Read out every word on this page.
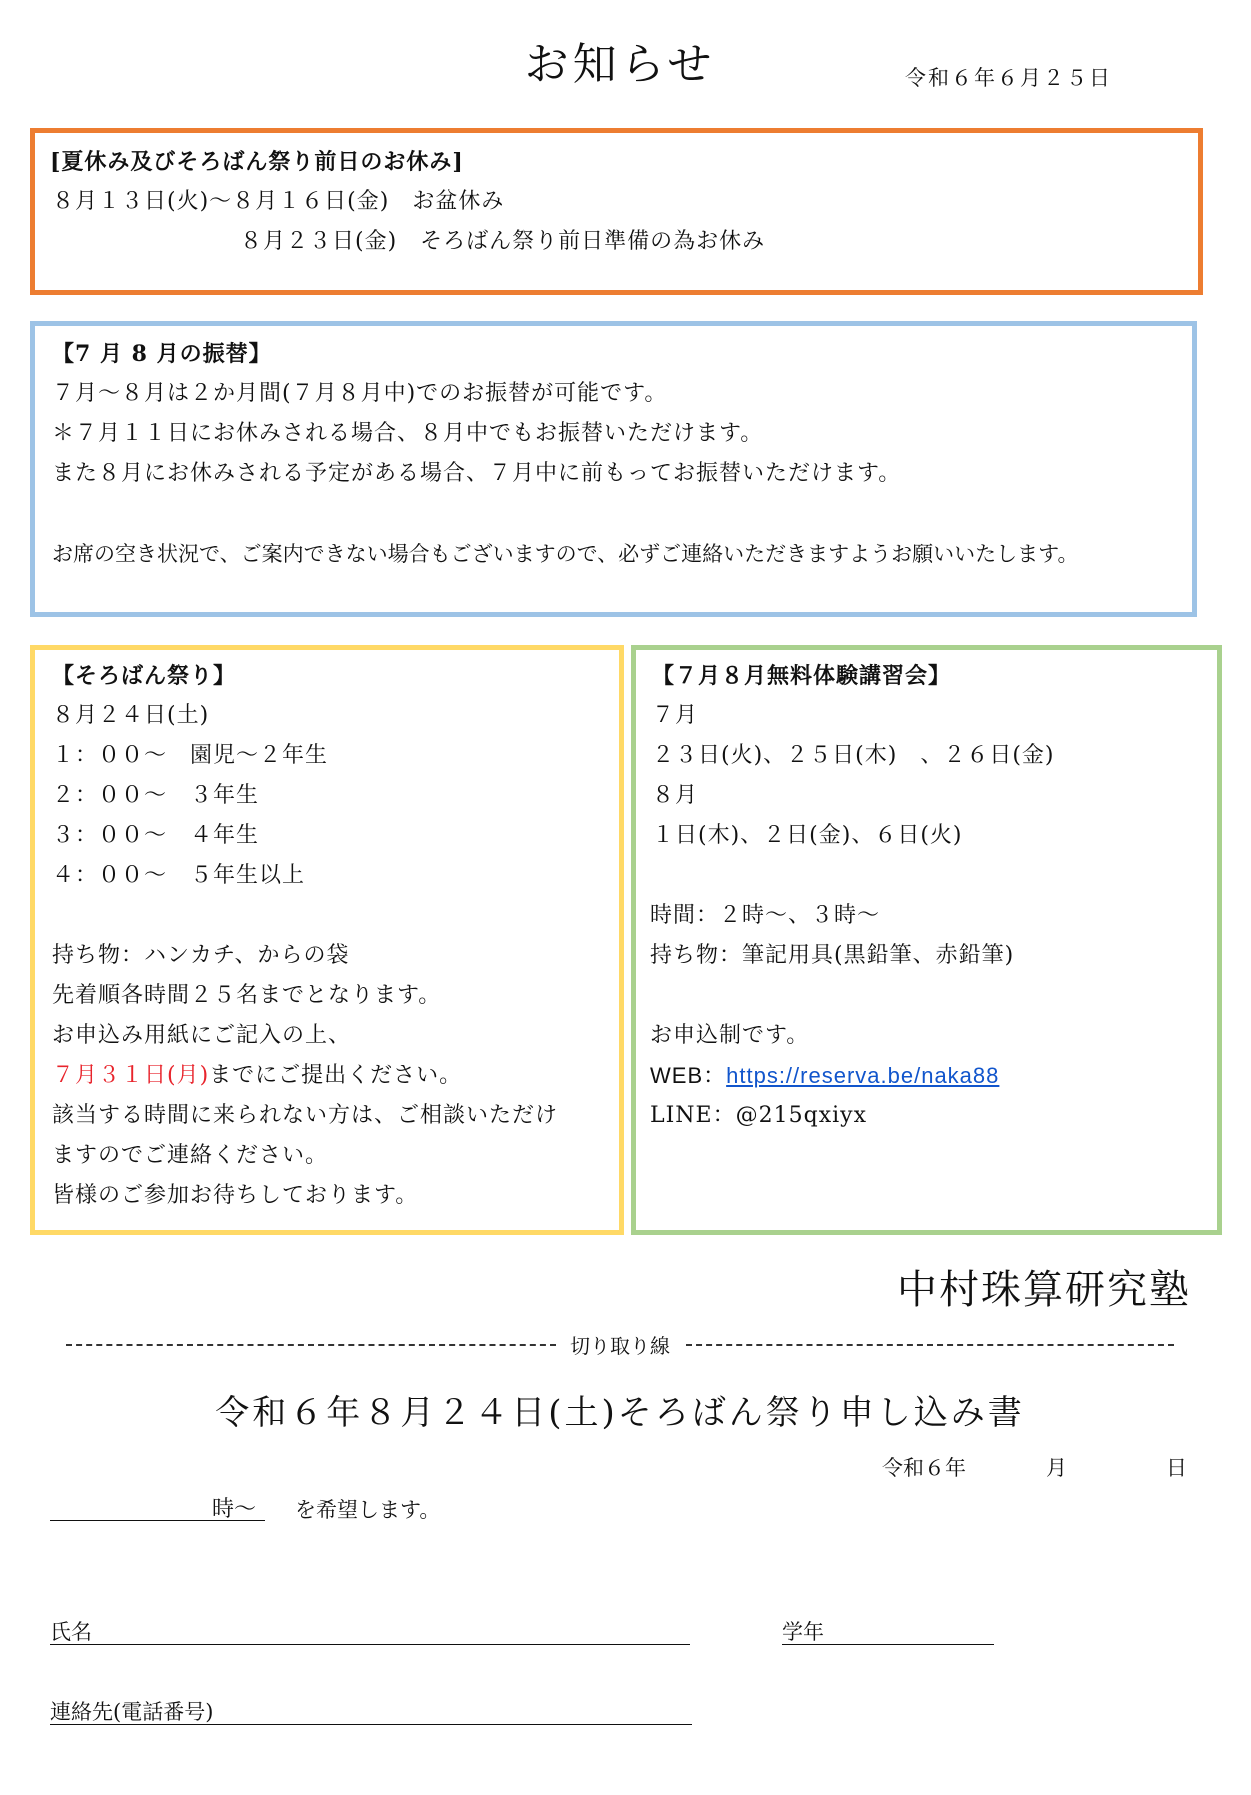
お知らせ	令和６年６月２５日
[夏休み及びそろばん祭り前日のお休み]
８月１３日(火)～８月１６日(金)　お盆休み
８月２３日(金)　そろばん祭り前日準備の為お休み
【7 月 8 月の振替】
７月～８月は２か月間(７月８月中)でのお振替が可能です。
＊７月１１日にお休みされる場合、８月中でもお振替いただけます。
また８月にお休みされる予定がある場合、７月中に前もってお振替いただけます。
お席の空き状況で、ご案内できない場合もございますので、必ずご連絡いただきますようお願いいたします。
【そろばん祭り】
８月２４日(土)
１：００～　園児～２年生
２：００～　３年生
３：００～　４年生
４：００～　５年生以上
持ち物：ハンカチ、からの袋
先着順各時間２５名までとなります。
お申込み用紙にご記入の上、
７月３１日(月)までにご提出ください。
該当する時間に来られない方は、ご相談いただけ
ますのでご連絡ください。
皆様のご参加お待ちしております。
【７月８月無料体験講習会】
７月
２３日(火)、２５日(木)　、２６日(金)
８月
１日(木)、２日(金)、６日(火)
時間：２時～、３時～
持ち物：筆記用具(黒鉛筆、赤鉛筆)
お申込制です。
WEB：https://reserva.be/naka88
LINE：@215qxiyx
中村珠算研究塾
切り取り線
令和６年８月２４日(土)そろばん祭り申し込み書
令和６年	月	日
時～ を希望します。
氏名	学年
連絡先(電話番号)
